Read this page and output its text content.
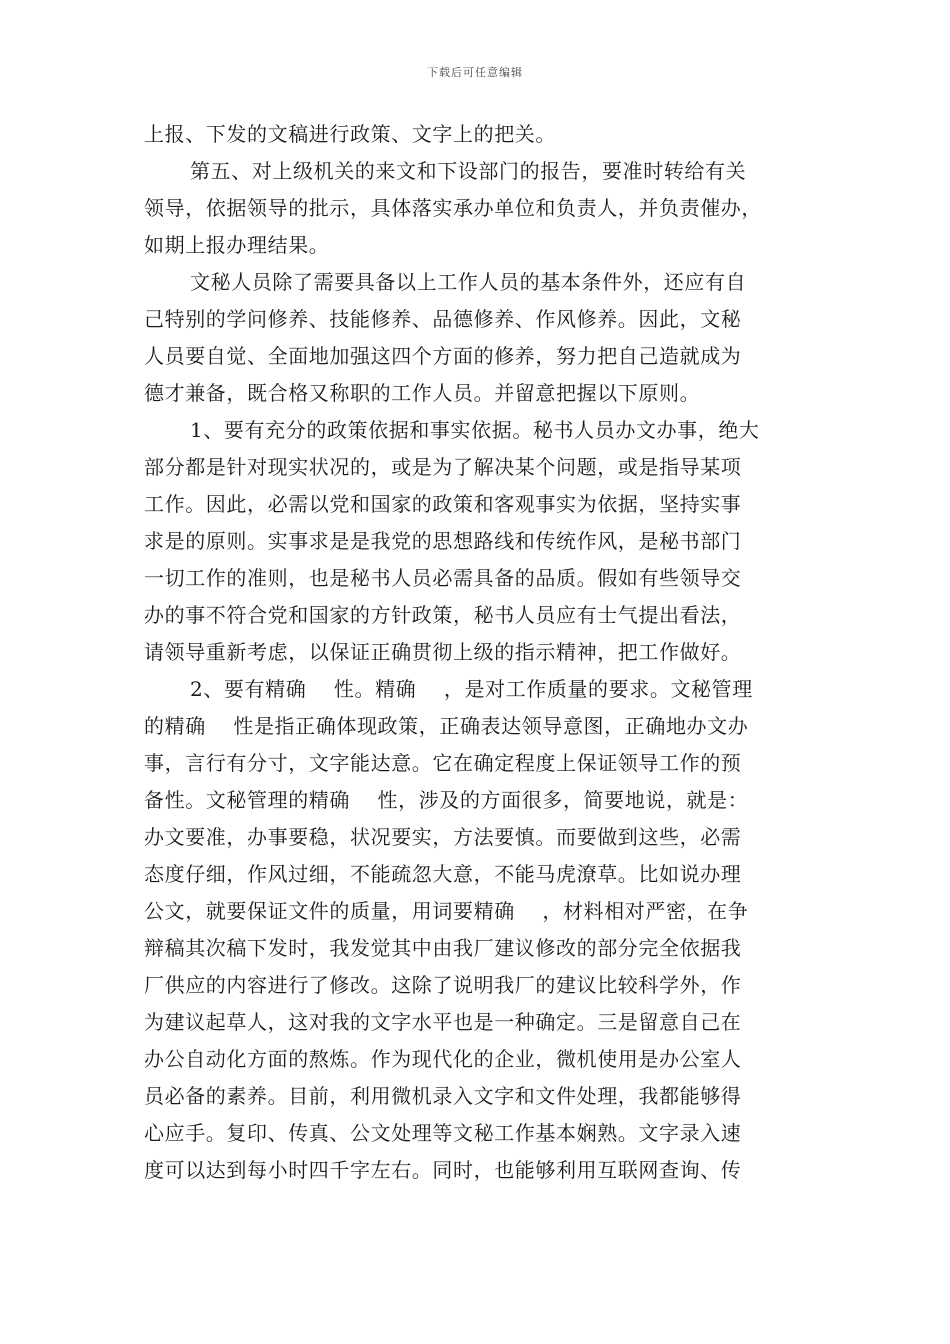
下载后可任意编辑
上报、下发的文稿进行政策、文字上的把关。
第五、对上级机关的来文和下设部门的报告，要准时转给有关
领导，依据领导的批示，具体落实承办单位和负责人，并负责催办，
如期上报办理结果。
文秘人员除了需要具备以上工作人员的基本条件外，还应有自
己特别的学问修养、技能修养、品德修养、作风修养。因此，文秘
人员要自觉、全面地加强这四个方面的修养，努力把自己造就成为
德才兼备，既合格又称职的工作人员。并留意把握以下原则。
1、要有充分的政策依据和事实依据。秘书人员办文办事，绝大
部分都是针对现实状况的，或是为了解决某个问题，或是指导某项
工作。因此，必需以党和国家的政策和客观事实为依据，坚持实事
求是的原则。实事求是是我党的思想路线和传统作风，是秘书部门
一切工作的准则，也是秘书人员必需具备的品质。假如有些领导交
办的事不符合党和国家的方针政策，秘书人员应有士气提出看法，
请领导重新考虑，以保证正确贯彻上级的指示精神，把工作做好。
2、要有精确　 性。精确　 ，是对工作质量的要求。文秘管理
的精确　 性是指正确体现政策，正确表达领导意图，正确地办文办
事，言行有分寸，文字能达意。它在确定程度上保证领导工作的预
备性。文秘管理的精确　 性，涉及的方面很多，简要地说，就是：
办文要准，办事要稳，状况要实，方法要慎。而要做到这些，必需
态度仔细，作风过细，不能疏忽大意，不能马虎潦草。比如说办理
公文，就要保证文件的质量，用词要精确　 ，材料相对严密，在争
辩稿其次稿下发时，我发觉其中由我厂建议修改的部分完全依据我
厂供应的内容进行了修改。这除了说明我厂的建议比较科学外，作
为建议起草人，这对我的文字水平也是一种确定。三是留意自己在
办公自动化方面的熬炼。作为现代化的企业，微机使用是办公室人
员必备的素养。目前，利用微机录入文字和文件处理，我都能够得
心应手。复印、传真、公文处理等文秘工作基本娴熟。文字录入速
度可以达到每小时四千字左右。同时，也能够利用互联网查询、传
